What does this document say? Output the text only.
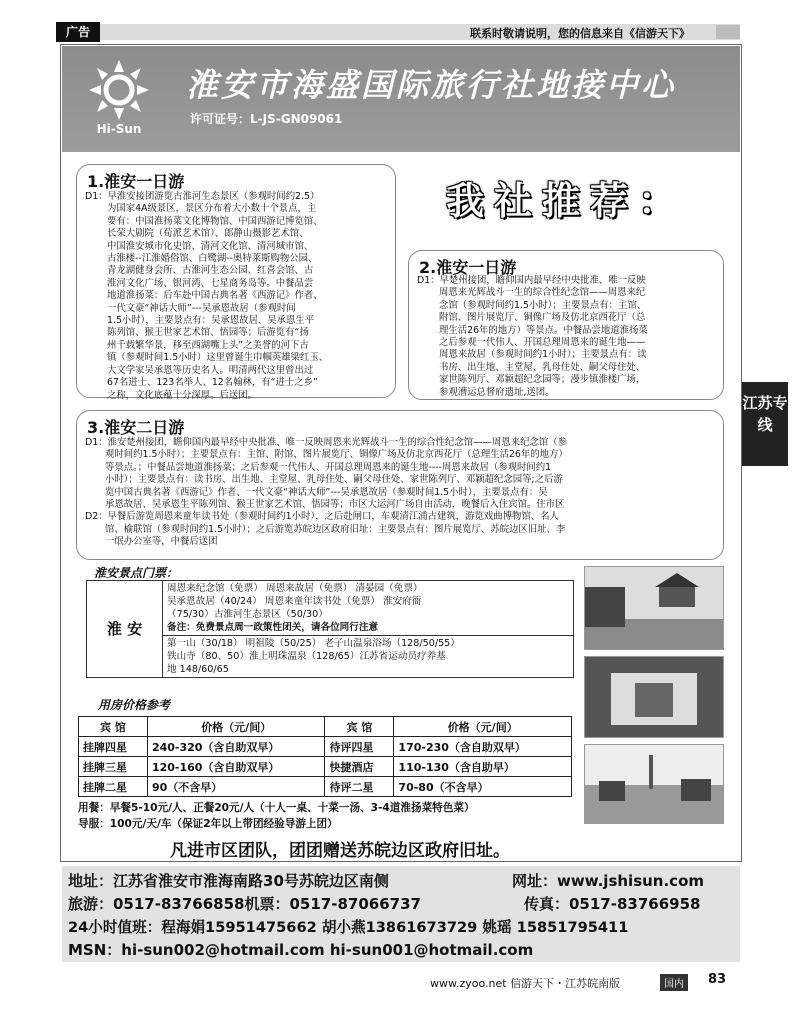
广告	联系时敬请说明，您的信息来自《信游天下》
Hi-Sun
淮安市海盛国际旅行社地接中心
许可证号：L-JS-GN09061
1.淮安一日游
D1：早淮安接团游览古淮河生态景区（参观时间约2.5）
为国家4A级景区，景区分布着大小数十个景点，主
要有：中国淮扬菜文化博物馆、中国西游记博览馆、
长荣大剧院（荀派艺术馆）、郎静山摄影艺术馆、
中国淮安城市化史馆、清河文化馆、清河城市馆、
古淮楼--江淮婚俗馆、白鹭湖--奥特莱斯购物公园、
青龙湖健身会所、古淮河生态公园、红喜会馆、古
淮河文化广场、银河湾、七星商务岛等。中餐品尝
地道淮扬菜：后车赴中国古典名著《西游记》作者、
一代文豪“神话大师”---吴承恩故居（参观时间
1.5小时），主要景点有：吴承恩故居、吴承恩生平
陈列馆、猴王世家艺术馆、悟园等；后游览有“扬
州千载繁华景，移至西湖嘴上头”之美誉的河下古
镇（参观时间1.5小时）这里曾诞生巾帼英雄梁红玉、
大文学家吴承恩等历史名人。明清两代这里曾出过
67名进士、123名举人、12名翰林，有“进士之乡”
之称，文化底蕴十分深厚。后送团。
我社推荐：
2.淮安一日游
D1：早楚州接团，瞻仰国内最早经中央批准、唯一反映
周恩来光辉战斗一生的综合性纪念馆——周恩来纪
念馆（参观时间约1.5小时）；主要景点有：主馆、
附馆、图片展览厅、铜像广场及仿北京西花厅（总
理生活26年的地方）等景点。中餐品尝地道淮扬菜
之后参观一代伟人、开国总理周恩来的诞生地——
周恩来故居（参观时间约1小时）；主要景点有：读
书房、出生地、主堂屋、乳母住处、嗣父母住处、
家世陈列厅、邓颖超纪念园等；漫步镇淮楼广场，
参观漕运总督府遗址,送团。
江苏专线
3.淮安二日游
D1：淮安楚州接团，瞻仰国内最早经中央批准、唯一反映周恩来光辉战斗一生的综合性纪念馆——周恩来纪念馆（参
观时间约1.5小时）；主要景点有：主馆、附馆、图片展览厅、铜像广场及仿北京西花厅（总理生活26年的地方）
等景点。；中餐品尝地道淮扬菜；之后参观一代伟人、开国总理周恩来的诞生地----周恩来故居（参观时间约1
小时）；主要景点有：读书房、出生地、主堂屋、乳母住处、嗣父母住处、家世陈列厅、邓颖超纪念园等;之后游
览中国古典名著《西游记》作者、一代文豪“神话大师”---吴承恩故居（参观时间1.5小时），主要景点有：吴
承恩故居、吴承恩生平陈列馆、猴王世家艺术馆、悟园等；市区大运河广场自由活动，晚餐后入住宾馆。住市区
D2：早餐后游览周恩来童年读书处（参观时间约1小时），之后赴闸口，车观清江浦古建筑，游览戏曲博物馆、名人
馆、榆联馆（参观时间约1.5小时）；之后游览苏皖边区政府旧址：主要景点有：图片展览厅、苏皖边区旧址、李
一氓办公室等，中餐后送团
淮安景点门票：
淮 安	
周恩来纪念馆（免票） 周恩来故居（免票） 清晏园（免票）
吴承恩故居（40/24） 周恩来童年读书处（免票） 淮安府衙
（75/30）古淮河生态景区（50/30）
备注：免费景点周一政策性闭关，请各位同行注意

第一山（30/18） 明祖陵（50/25） 老子山温泉浴场（128/50/55）
铁山寺（80、50）淮上明珠温泉（128/65）江苏省运动员疗养基
地 148/60/65
用房价格参考
宾 馆	价格（元/间）	宾 馆	价格（元/间）
挂牌四星	240-320（含自助双早）	待评四星	170-230（含自助双早）
挂牌三星	120-160（含自助双早）	快捷酒店	110-130（含自助早）
挂牌二星	90（不含早）	待评二星	70-80（不含早）
用餐：早餐5-10元/人、正餐20元/人（十人一桌、十菜一汤、3-4道淮扬菜特色菜）
导服：100元/天/车（保证2年以上带团经验导游上团）
凡进市区团队，团团赠送苏皖边区政府旧址。
地址：江苏省淮安市淮海南路30号苏皖边区南侧	网址：www.jshisun.com
旅游：0517-83766858机票：0517-87066737	传真：0517-83766958
24小时值班：程海娟15951475662 胡小燕13861673729 姚瑶 15851795411
MSN：hi-sun002@hotmail.com hi-sun001@hotmail.com
www.zyoo.net 信游天下・江苏皖南版	国内	83
